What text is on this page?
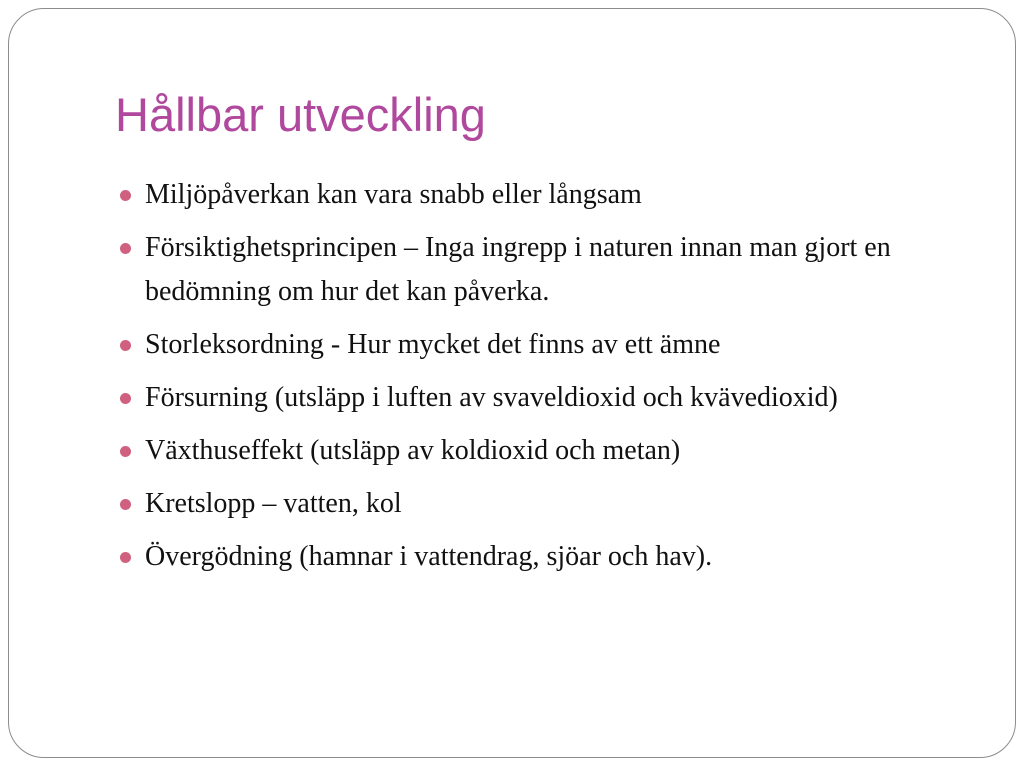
Hållbar utveckling
Miljöpåverkan kan vara snabb eller långsam
Försiktighetsprincipen – Inga ingrepp i naturen innan man gjort en bedömning om hur det kan påverka.
Storleksordning - Hur mycket det finns av ett ämne
Försurning (utsläpp i luften av svaveldioxid och kvävedioxid)
Växthuseffekt (utsläpp av koldioxid och metan)
Kretslopp – vatten, kol
Övergödning (hamnar i vattendrag, sjöar och hav).
